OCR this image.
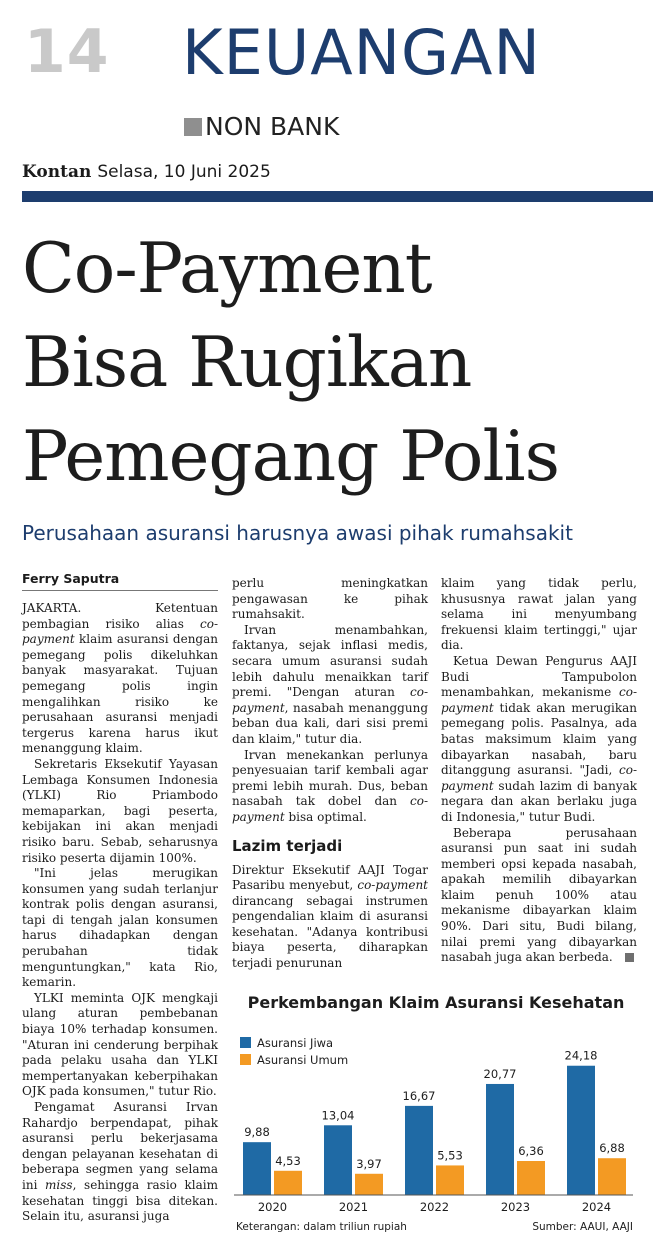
14 KEUANGAN
NON BANK
Kontan Selasa, 10 Juni 2025
Co-Payment
Bisa Rugikan
Pemegang Polis
Perusahaan asuransi harusnya awasi pihak rumahsakit
Ferry Saputra

JAKARTA. Ketentuan pembagian risiko alias co-payment klaim asuransi dengan pemegang polis dikeluhkan banyak masyarakat. Tujuan pemegang polis ingin mengalihkan risiko ke perusahaan asuransi menjadi tergerus karena harus ikut menanggung klaim.

Sekretaris Eksekutif Yayasan Lembaga Konsumen Indonesia (YLKI) Rio Priambodo memaparkan, bagi peserta, kebijakan ini akan menjadi risiko baru. Sebab, seharusnya risiko peserta dijamin 100%.

"Ini jelas merugikan konsumen yang sudah terlanjur kontrak polis dengan asuransi, tapi di tengah jalan konsumen harus dihadapkan dengan perubahan tidak menguntungkan," kata Rio, kemarin.

YLKI meminta OJK mengkaji ulang aturan pembebanan biaya 10% terhadap konsumen. "Aturan ini cenderung berpihak pada pelaku usaha dan YLKI mempertanyakan keberpihakan OJK pada konsumen," tutur Rio.

Pengamat Asuransi Irvan Rahardjo berpendapat, pihak asuransi perlu bekerjasama dengan pelayanan kesehatan di beberapa segmen yang selama ini miss, sehingga rasio klaim kesehatan tinggi bisa ditekan. Selain itu, asuransi juga

perlu meningkatkan pengawasan ke pihak rumahsakit.

Irvan menambahkan, faktanya, sejak inflasi medis, secara umum asuransi sudah lebih dahulu menaikkan tarif premi. "Dengan aturan co-payment, nasabah menanggung beban dua kali, dari sisi premi dan klaim," tutur dia.

Irvan menekankan perlunya penyesuaian tarif kembali agar premi lebih murah. Dus, beban nasabah tak dobel dan co-payment bisa optimal.

Lazim terjadi

Direktur Eksekutif AAJI Togar Pasaribu menyebut, co-payment dirancang sebagai instrumen pengendalian klaim di asuransi kesehatan. "Adanya kontribusi biaya peserta, diharapkan terjadi penurunan

klaim yang tidak perlu, khususnya rawat jalan yang selama ini menyumbang frekuensi klaim tertinggi," ujar dia.

Ketua Dewan Pengurus AAJI Budi Tampubolon menambahkan, mekanisme co-payment tidak akan merugikan pemegang polis. Pasalnya, ada batas maksimum klaim yang dibayarkan nasabah, baru ditanggung asuransi. "Jadi, co-payment sudah lazim di banyak negara dan akan berlaku juga di Indonesia," tutur Budi.

Beberapa perusahaan asuransi pun saat ini sudah memberi opsi kepada nasabah, apakah memilih dibayarkan klaim penuh 100% atau mekanisme dibayarkan klaim 90%. Dari situ, Budi bilang, nilai premi yang dibayarkan nasabah juga akan berbeda.

Perkembangan Klaim Asuransi Kesehatan
Asuransi Jiwa
Asuransi Umum
9,88
4,53
2020
13,04
3,97
2021
16,67
5,53
2022
20,77
6,36
2023
24,18
6,88
2024
Keterangan: dalam triliun rupiah	Sumber: AAUI, AAJI
